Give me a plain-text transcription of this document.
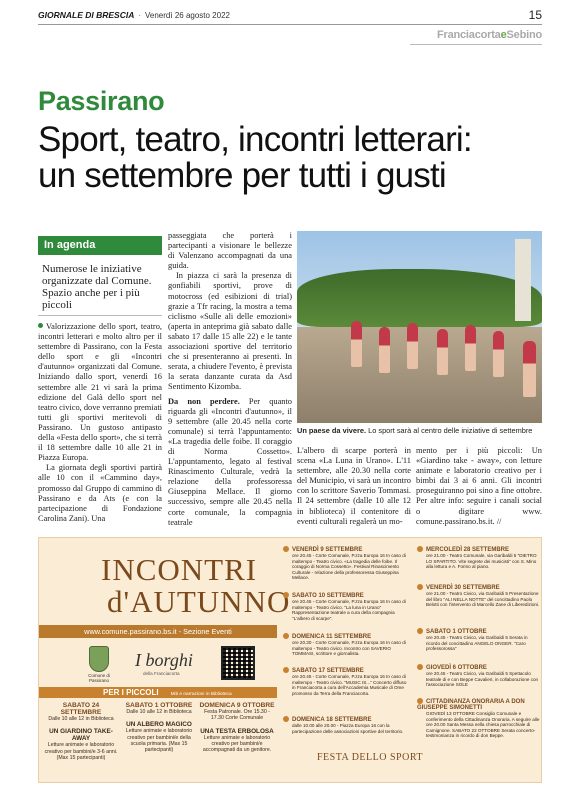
GIORNALE DI BRESCIA · Venerdì 26 agosto 2022	15
FranciacortaeSebino
Passirano
Sport, teatro, incontri letterari:
un settembre per tutti i gusti
In agenda
Numerose le iniziative organizzate dal Comune. Spazio anche per i più piccoli

Valorizzazione dello sport, teatro, incontri letterari e molto altro per il settembre di Passirano, con la Festa dello sport e gli «Incontri d'autunno» organizzati dal Comune. Iniziando dallo sport, venerdì 16 settembre alle 21 vi sarà la prima edizione del Galà dello sport nel teatro civico, dove verranno premiati tutti gli sportivi meritevoli di Passirano. Un gustoso antipasto della «Festa dello sport», che si terrà il 18 settembre dalle 10 alle 21 in Piazza Europa.

La giornata degli sportivi partirà alle 10 con il «Cammino day», promosso dal Gruppo di cammino di Passirano e da Ats (e con la partecipazione di Fondazione Carolina Zani). Una

passeggiata che porterà i partecipanti a visionare le bellezze di Valenzano accompagnati da una guida.

In piazza ci sarà la presenza di gonfiabili sportivi, prove di motocross (ed esibizioni di trial) grazie a Tfr racing, la mostra a tema ciclismo «Sulle ali delle emozioni» (aperta in anteprima già sabato dalle sabato 17 dalle 15 alle 22) e le tante associazioni sportive del territorio che si presenteranno ai presenti. In serata, a chiudere l'evento, è prevista la serata danzante curata da Asd Sentimento Kizomba.

Da non perdere. Per quanto riguarda gli «Incontri d'autunno», il 9 settembre (alle 20.45 nella corte comunale) si terrà l'appuntamento: «La tragedia delle foibe. Il coraggio di Norma Cossetto». L'appuntamento, legato al festival Rinascimento Culturale, vedrà la relazione della professoressa Giuseppina Mellace. Il giorno successivo, sempre alle 20.45 nella corte comunale, la compagnia teatrale

Un paese da vivere. Lo sport sarà al centro delle iniziative di settembre

L'albero di scarpe porterà in scena «La Luna in Urano». L'11 settembre, alle 20.30 nella corte del Municipio, vi sarà un incontro con lo scrittore Saverio Tommasi. Il 24 settembre (dalle 10 alle 12 in biblioteca) il contenitore di eventi culturali regalerà un mo-

mento per i più piccoli: Un «Giardino take - away», con letture animate e laboratorio creativo per i bimbi dai 3 ai 6 anni. Gli incontri proseguiranno poi sino a fine ottobre. Per altre info: seguire i canali social o digitare www. comune.passirano.bs.it. //

INCONTRI
d'AUTUNNO
www.comune.passirano.bs.it - Sezione Eventi
Comune di Passirano
I borghi
della Franciacorta
PER I PICCOLI	Miti e narrazioni in Biblioteca
SABATO 24 SETTEMBRE
Dalle 10 alle 12 in Biblioteca
UN GIARDINO TAKE-AWAY
Letture animate e laboratorio creativo per bambini/e 3-6 anni. (Max 15 partecipanti)
SABATO 1 OTTOBRE
Dalle 10 alle 12 in Biblioteca
UN ALBERO MAGICO
Letture animate e laboratorio creativo per bambini/e della scuola primaria. (Max 15 partecipanti)
DOMENICA 9 OTTOBRE
Festa Patronale. Ore 15.30 - 17.30 Corte Comunale
UNA TESTA ERBOLOSA
Letture animate e laboratorio creativo per bambini/e accompagnati da un genitore.
VENERDÌ 9 SETTEMBRE
ore 20.45 - Corte Comunale, P.zza Europa 16 In caso di maltempo - Teatro civico. «La tragedia delle foibe. Il coraggio di Norma Cossetto». Festival Rinascimento Culturale - relazione della professoressa Giuseppina Mellace.
SABATO 10 SETTEMBRE
ore 20.45 - Corte Comunale, P.zza Europa 16 In caso di maltempo - Teatro civico. "La luna in Urano" Rappresentazione teatrale a cura della compagnia "L'albero di scarpe".
DOMENICA 11 SETTEMBRE
ore 20.30 - Corte Comunale, P.zza Europa 16 In caso di maltempo - Teatro civico. Incontro con SAVERIO TOMMASI, scrittore e giornalista.
SABATO 17 SETTEMBRE
ore 20.45 - Corte Comunale, P.zza Europa 16 In caso di maltempo - Teatro civico. "MUSIC IS..." Concerto diffuso in Franciacorta a cura dell'Accademia Musicale di Ome promosso da Terra della Franciacorta.
DOMENICA 18 SETTEMBRE
dalle 10.00 alle 20.00 - Piazza Europa 16 con la partecipazione delle associazioni sportive del territorio.
FESTA DELLO SPORT
MERCOLEDÌ 28 SETTEMBRE
ore 21.00 - Teatro Comunale, via Garibaldi 5 "DIETRO LO SPARTITO. Vite segrete dei musicisti" con S. Mino alla lettura e A. Forino al piano.
VENERDÌ 30 SETTEMBRE
ore 21.00 - Teatro Civico, via Garibaldi 5 Presentazione del libro "ALI NELLA NOTTE" del concittadino Paolo Belotti con l'intervento di Marcello Zane di Liberedizioni.
SABATO 1 OTTOBRE
ore 20.45 - Teatro Civico, via Garibaldi 5 Serata in ricordo del concittadino ANGELO ONGER. "Caro professorossa"
GIOVEDÌ 6 OTTOBRE
ore 20.45 - Teatro Civico, via Garibaldi 5 Spettacolo teatrale di e con Beppe Cavalieri, in collaborazione con l'associazione SOLE
CITTADINANZA ONORARIA A DON GIUSEPPE SIMONETTI
GIOVEDÌ 13 OTTOBRE Consiglio Comunale e conferimento della Cittadinanza Onoraria. A seguire alle ore 20.00 Santa Messa nella chiesa parrocchiale di Camignone. SABATO 22 OTTOBRE Serata concerto-testimonianza in ricordo di don Beppe.
